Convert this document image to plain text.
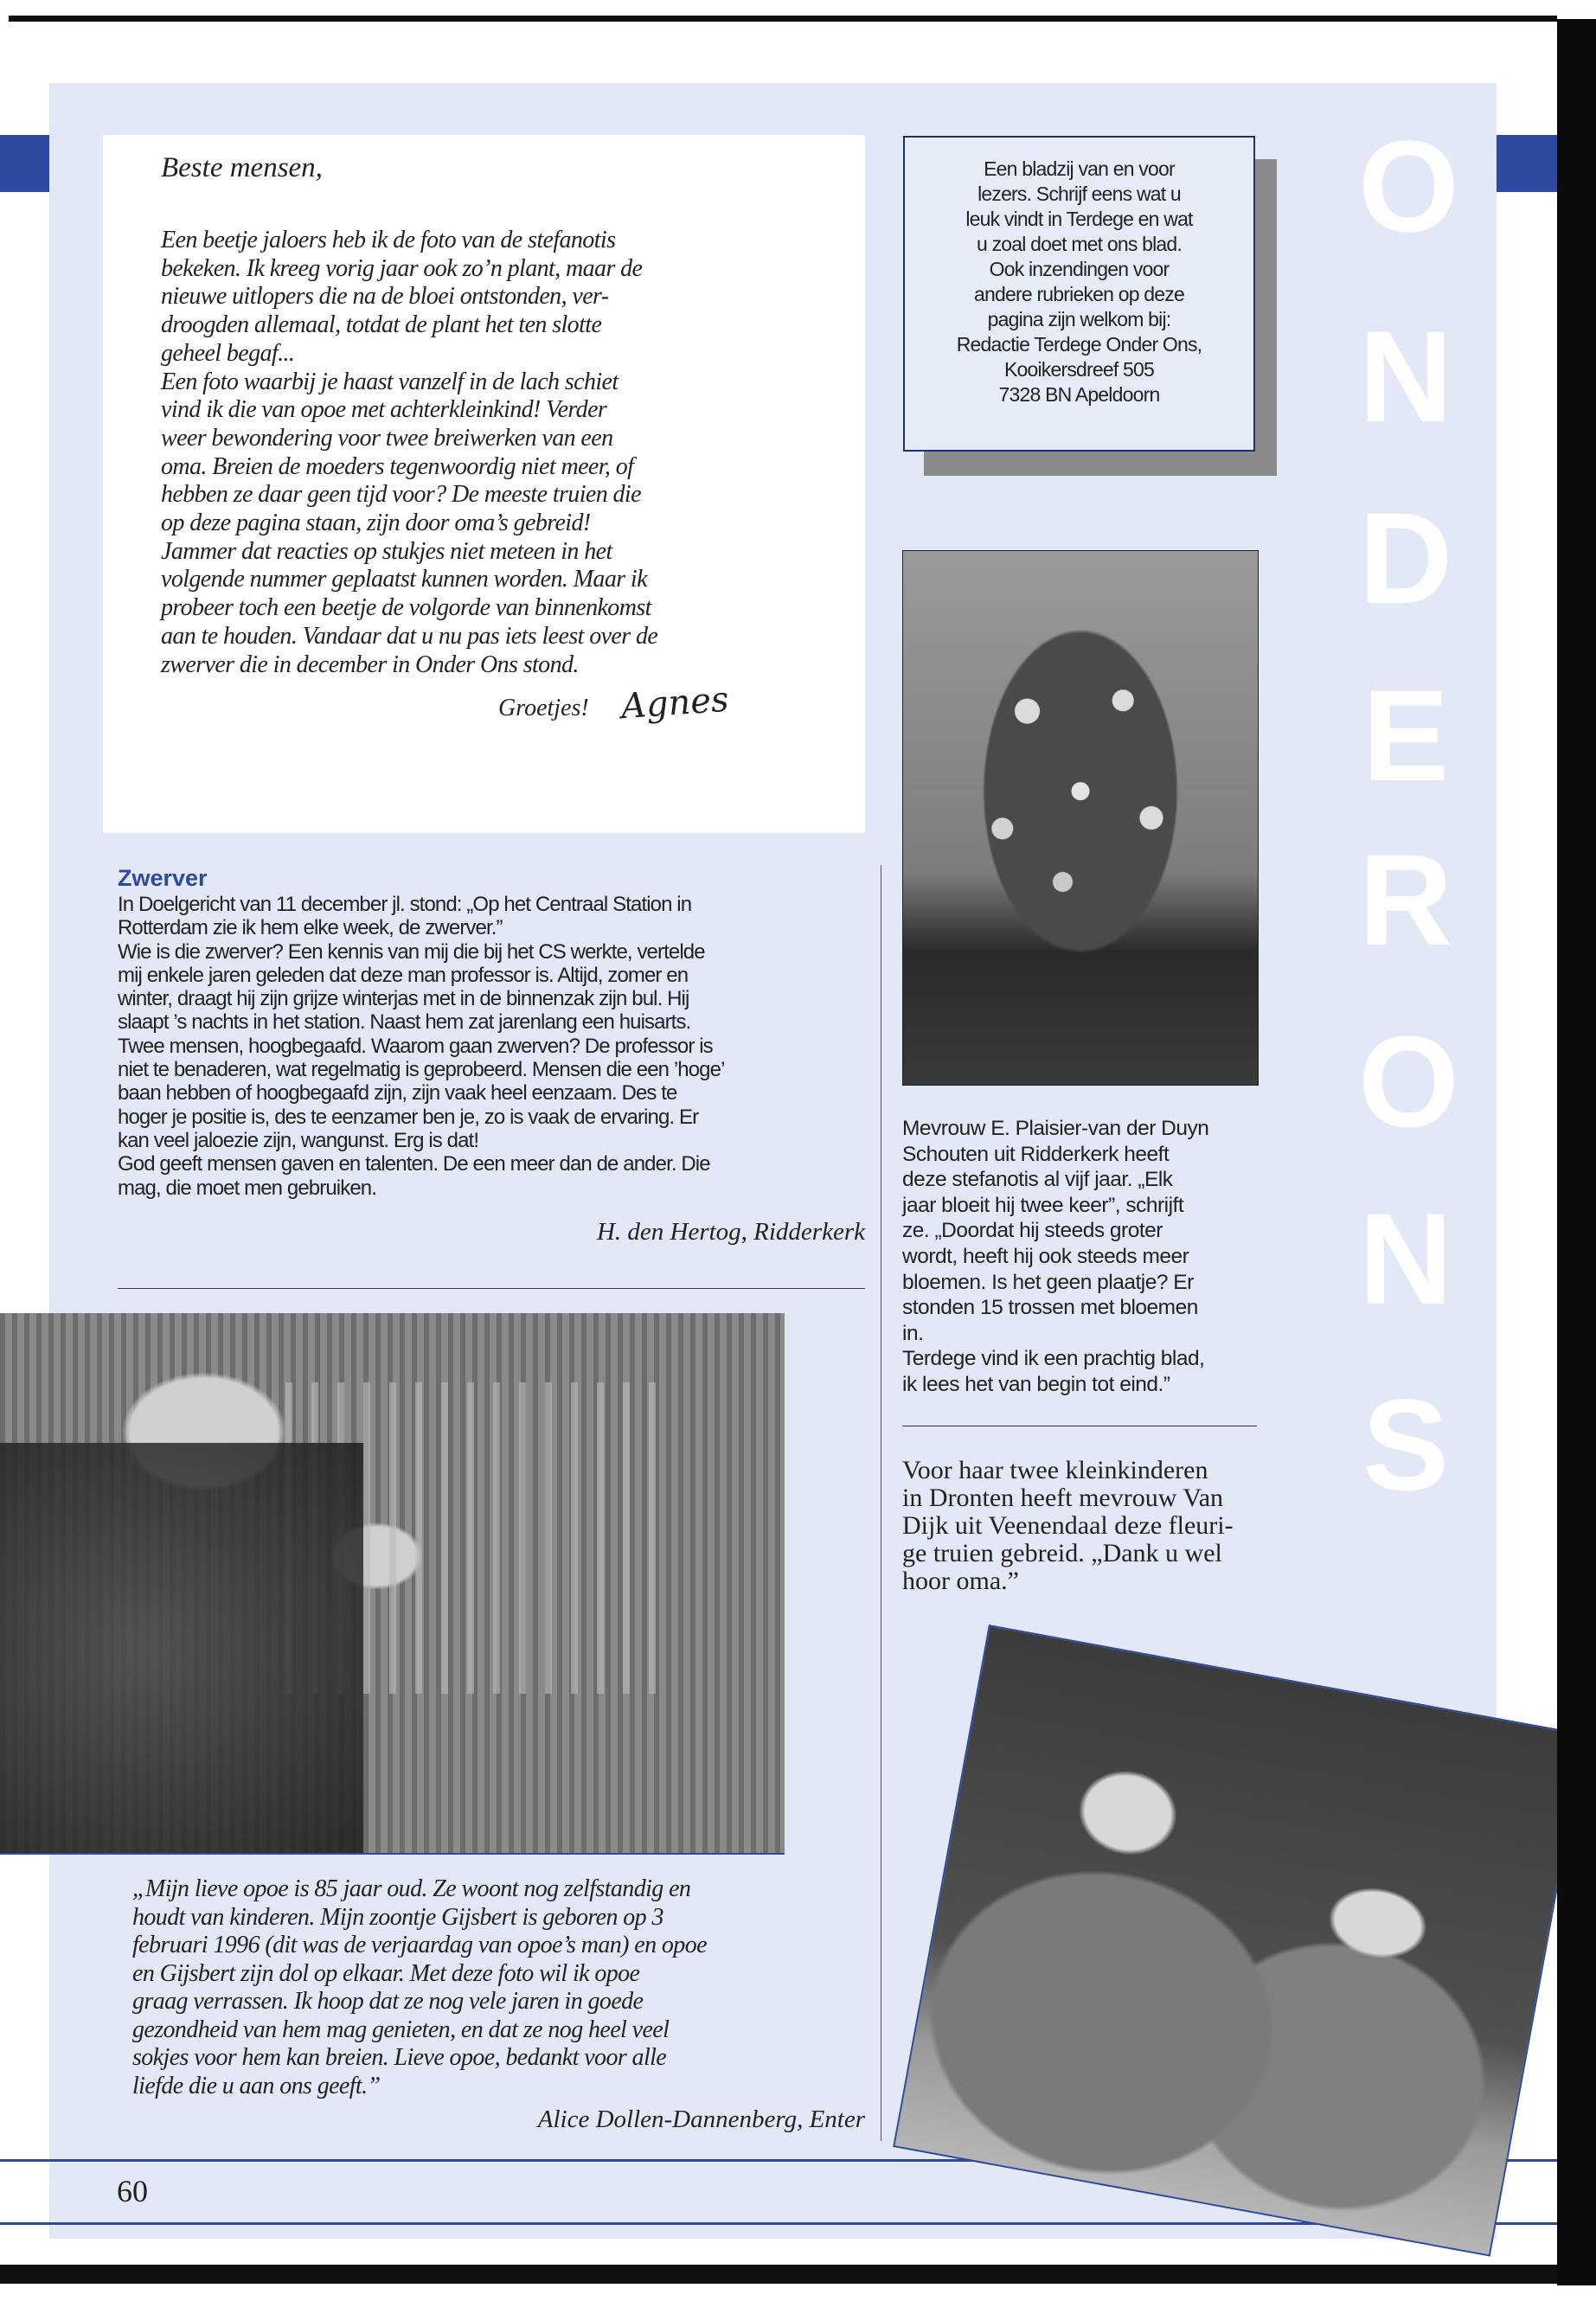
O
N
D
E
R
O
N
S
Beste mensen,
Een beetje jaloers heb ik de foto van de stefanotis
bekeken. Ik kreeg vorig jaar ook zo’n plant, maar de
nieuwe uitlopers die na de bloei ontstonden, ver-
droogden allemaal, totdat de plant het ten slotte
geheel begaf...
Een foto waarbij je haast vanzelf in de lach schiet
vind ik die van opoe met achterkleinkind! Verder
weer bewondering voor twee breiwerken van een
oma. Breien de moeders tegenwoordig niet meer, of
hebben ze daar geen tijd voor? De meeste truien die
op deze pagina staan, zijn door oma’s gebreid!
Jammer dat reacties op stukjes niet meteen in het
volgende nummer geplaatst kunnen worden. Maar ik
probeer toch een beetje de volgorde van binnenkomst
aan te houden. Vandaar dat u nu pas iets leest over de
zwerver die in december in Onder Ons stond.
Groetjes! Agnes
Een bladzij van en voor
lezers. Schrijf eens wat u
leuk vindt in Terdege en wat
u zoal doet met ons blad.
Ook inzendingen voor
andere rubrieken op deze
pagina zijn welkom bij:
Redactie Terdege Onder Ons,
Kooikersdreef 505
7328 BN Apeldoorn
Zwerver
In Doelgericht van 11 december jl. stond: „Op het Centraal Station in
Rotterdam zie ik hem elke week, de zwerver.”
Wie is die zwerver? Een kennis van mij die bij het CS werkte, vertelde
mij enkele jaren geleden dat deze man professor is. Altijd, zomer en
winter, draagt hij zijn grijze winterjas met in de binnenzak zijn bul. Hij
slaapt ’s nachts in het station. Naast hem zat jarenlang een huisarts.
Twee mensen, hoogbegaafd. Waarom gaan zwerven? De professor is
niet te benaderen, wat regelmatig is geprobeerd. Mensen die een ’hoge’
baan hebben of hoogbegaafd zijn, zijn vaak heel eenzaam. Des te
hoger je positie is, des te eenzamer ben je, zo is vaak de ervaring. Er
kan veel jaloezie zijn, wangunst. Erg is dat!
God geeft mensen gaven en talenten. De een meer dan de ander. Die
mag, die moet men gebruiken.
H. den Hertog, Ridderkerk
Mevrouw E. Plaisier-van der Duyn
Schouten uit Ridderkerk heeft
deze stefanotis al vijf jaar. „Elk
jaar bloeit hij twee keer”, schrijft
ze. „Doordat hij steeds groter
wordt, heeft hij ook steeds meer
bloemen. Is het geen plaatje? Er
stonden 15 trossen met bloemen
in.
Terdege vind ik een prachtig blad,
ik lees het van begin tot eind.”
Voor haar twee kleinkinderen
in Dronten heeft mevrouw Van
Dijk uit Veenendaal deze fleuri-
ge truien gebreid. „Dank u wel
hoor oma.”
„Mijn lieve opoe is 85 jaar oud. Ze woont nog zelfstandig en
houdt van kinderen. Mijn zoontje Gijsbert is geboren op 3
februari 1996 (dit was de verjaardag van opoe’s man) en opoe
en Gijsbert zijn dol op elkaar. Met deze foto wil ik opoe
graag verrassen. Ik hoop dat ze nog vele jaren in goede
gezondheid van hem mag genieten, en dat ze nog heel veel
sokjes voor hem kan breien. Lieve opoe, bedankt voor alle
liefde die u aan ons geeft.”
Alice Dollen-Dannenberg, Enter
60
